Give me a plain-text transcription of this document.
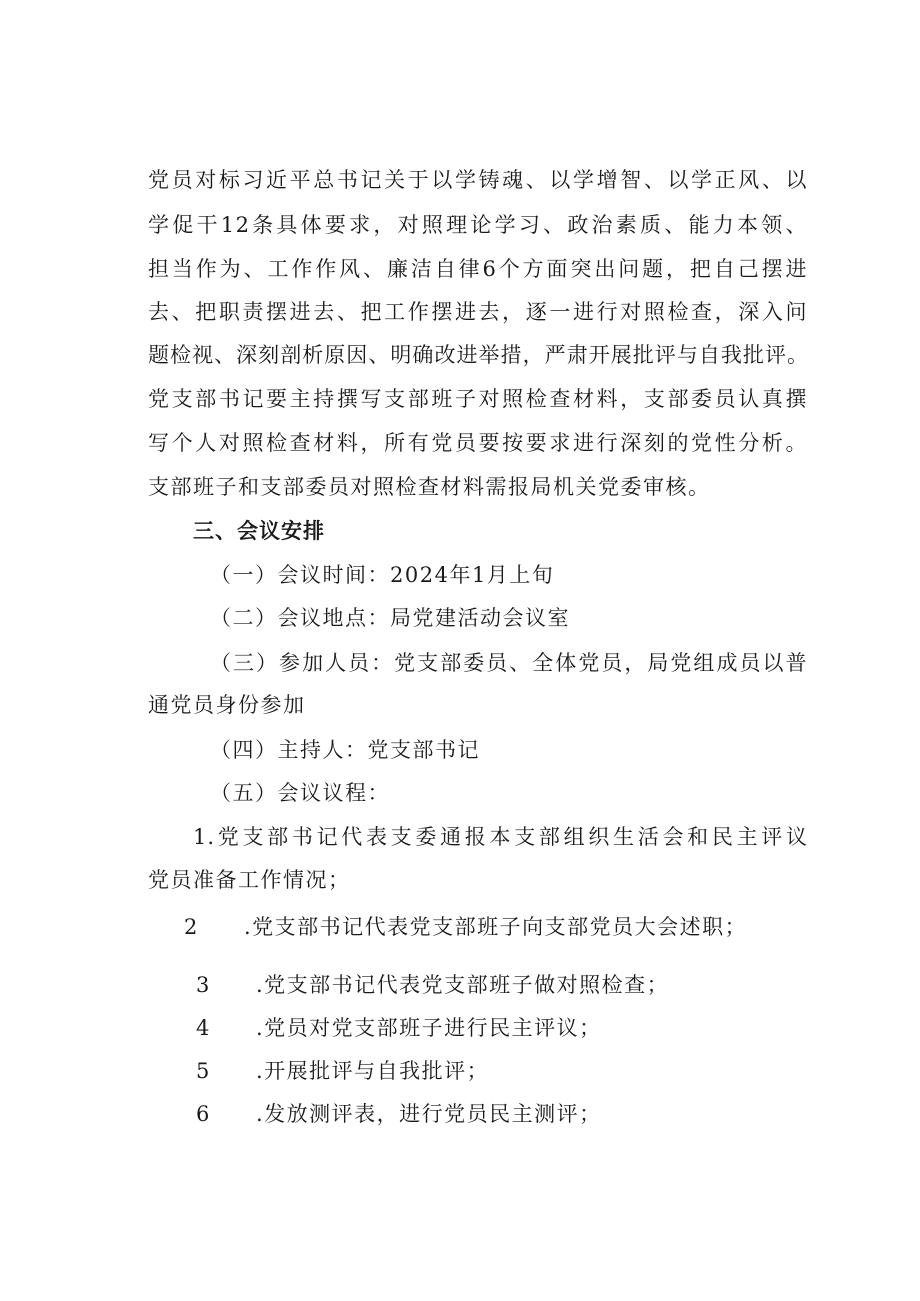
党员对标习近平总书记关于以学铸魂、以学增智、以学正风、以
学促干12条具体要求，对照理论学习、政治素质、能力本领、
担当作为、工作作风、廉洁自律6个方面突出问题，把自己摆进
去、把职责摆进去、把工作摆进去，逐一进行对照检查，深入问
题检视、深刻剖析原因、明确改进举措，严肃开展批评与自我批评。
党支部书记要主持撰写支部班子对照检查材料，支部委员认真撰
写个人对照检查材料，所有党员要按要求进行深刻的党性分析。
支部班子和支部委员对照检查材料需报局机关党委审核。
三、会议安排
（一）会议时间：2024年1月上旬
（二）会议地点：局党建活动会议室
（三）参加人员：党支部委员、全体党员，局党组成员以普
通党员身份参加
（四）主持人：党支部书记
（五）会议议程：
1.党支部书记代表支委通报本支部组织生活会和民主评议
党员准备工作情况；
2 .党支部书记代表党支部班子向支部党员大会述职；
3 .党支部书记代表党支部班子做对照检查；
4 .党员对党支部班子进行民主评议；
5 .开展批评与自我批评；
6 .发放测评表，进行党员民主测评；
